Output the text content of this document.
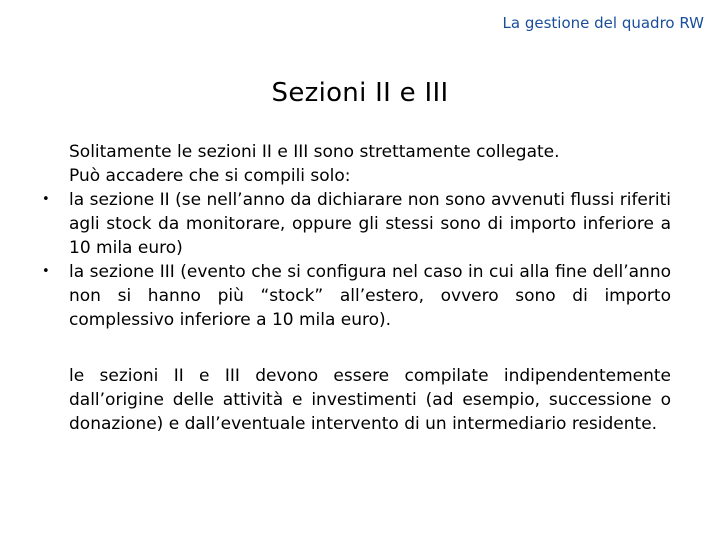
La gestione del quadro RW
Sezioni II e III

Solitamente le sezioni II e III sono strettamente collegate.

Può accadere che si compili solo:

• la sezione II (se nell’anno da dichiarare non sono avvenuti flussi riferiti agli stock da monitorare, oppure gli stessi sono di importo inferiore a 10 mila euro)
• la sezione III (evento che si configura nel caso in cui alla fine dell’anno non si hanno più “stock” all’estero, ovvero sono di importo complessivo inferiore a 10 mila euro).

le sezioni II e III devono essere compilate indipendentemente dall’origine delle attività e investimenti (ad esempio, successione o donazione) e dall’eventuale intervento di un intermediario residente.
